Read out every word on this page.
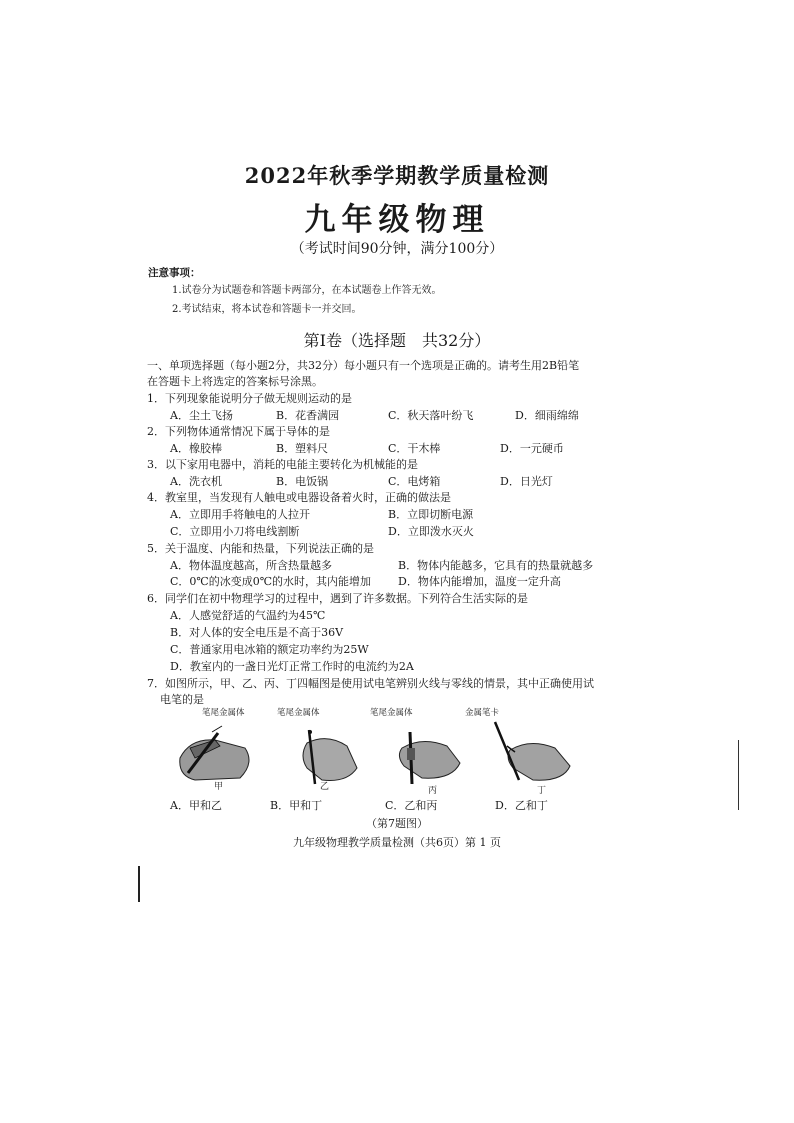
2022年秋季学期教学质量检测
九年级物理
（考试时间90分钟，满分100分）
注意事项：
1.试卷分为试题卷和答题卡两部分，在本试题卷上作答无效。
2.考试结束，将本试卷和答题卡一并交回。
第Ⅰ卷（选择题　共32分）
一、单项选择题（每小题2分，共32分）每小题只有一个选项是正确的。请考生用2B铅笔
在答题卡上将选定的答案标号涂黑。
1．下列现象能说明分子做无规则运动的是
A．尘土飞扬	B．花香满园	C．秋天落叶纷飞	D．细雨绵绵
2．下列物体通常情况下属于导体的是
A．橡胶棒	B．塑料尺	C．干木棒	D．一元硬币
3．以下家用电器中，消耗的电能主要转化为机械能的是
A．洗衣机	B．电饭锅	C．电烤箱	D．日光灯
4．教室里，当发现有人触电或电器设备着火时，正确的做法是
A．立即用手将触电的人拉开	B．立即切断电源
C．立即用小刀将电线割断	D．立即泼水灭火
5．关于温度、内能和热量，下列说法正确的是
A．物体温度越高，所含热量越多	B．物体内能越多，它具有的热量就越多
C．0℃的冰变成0℃的水时，其内能增加 D．物体内能增加，温度一定升高
6．同学们在初中物理学习的过程中，遇到了许多数据。下列符合生活实际的是
A．人感觉舒适的气温约为45℃
B．对人体的安全电压是不高于36V
C．普通家用电冰箱的额定功率约为25W
D．教室内的一盏日光灯正常工作时的电流约为2A
7．如图所示，甲、乙、丙、丁四幅图是使用试电笔辨别火线与零线的情景，其中正确使用试
电笔的是
笔尾金属体
甲
笔尾金属体
乙
笔尾金属体
丙
金属笔卡
丁
A．甲和乙	B．甲和丁	C．乙和丙	D．乙和丁
（第7题图）
九年级物理教学质量检测（共6页）第 1 页
